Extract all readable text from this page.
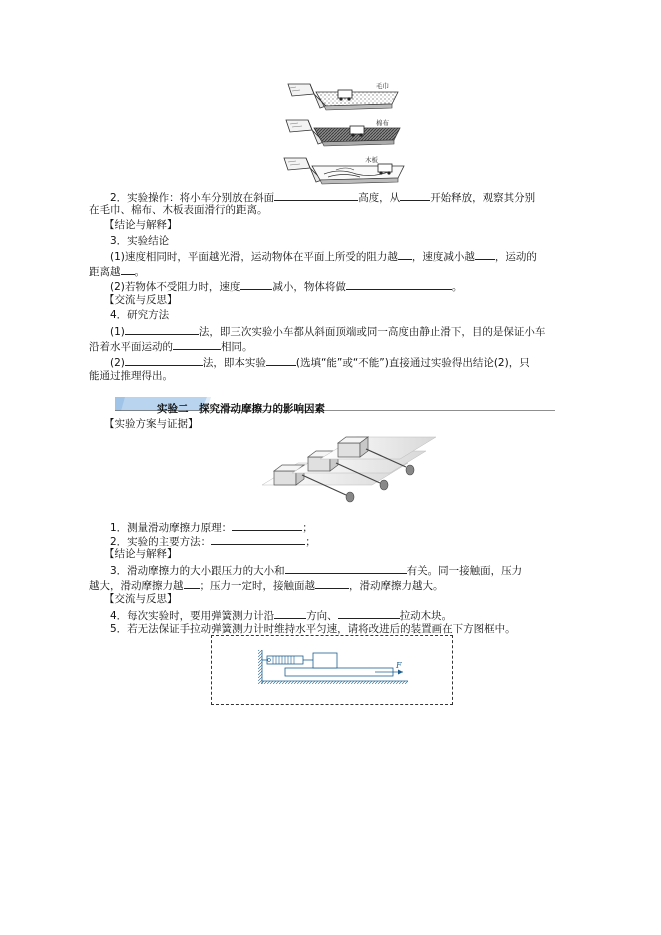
毛巾
棉布
木板
2．实验操作：将小车分别放在斜面	高度，从	开始释放，观察其分别
在毛巾、棉布、木板表面滑行的距离。
【结论与解释】
3．实验结论
(1)速度相同时，平面越光滑，运动物体在平面上所受的阻力越 ，速度减小越 ，运动的
距离越 。
(2)若物体不受阻力时，速度	减小，物体将做	。
【交流与反思】
4．研究方法
(1)	法，即三次实验小车都从斜面顶端或同一高度由静止滑下，目的是保证小车
沿着水平面运动的	相同。
(2)	法，即本实验	(选填“能”或“不能”)直接通过实验得出结论(2)，只
能通过推理得出。
实验二　探究滑动摩擦力的影响因素
【实验方案与证据】
1．测量滑动摩擦力原理：	；
2．实验的主要方法：	；
【结论与解释】
3．滑动摩擦力的大小跟压力的大小和	有关。同一接触面，压力
越大，滑动摩擦力越 ；压力一定时，接触面越	，滑动摩擦力越大。
【交流与反思】
4．每次实验时，要用弹簧测力计沿	方向、	拉动木块。
5．若无法保证手拉动弹簧测力计时维持水平匀速，请将改进后的装置画在下方图框中。
F
